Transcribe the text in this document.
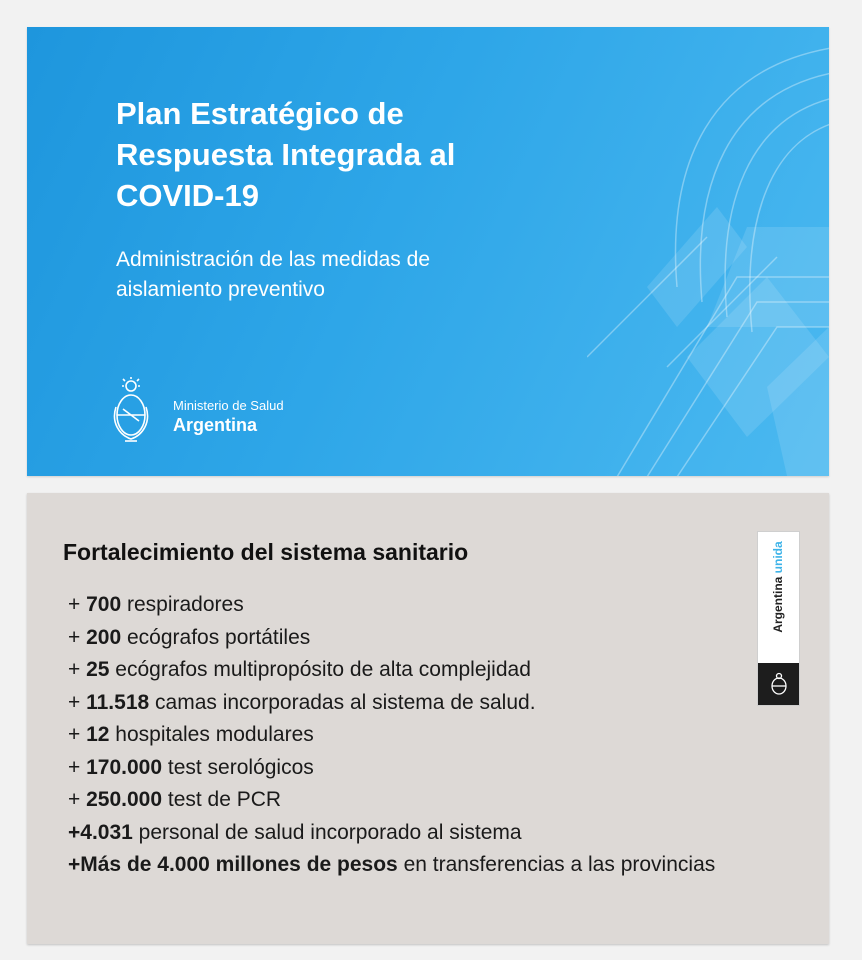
Plan Estratégico de
Respuesta Integrada al
COVID-19

Administración de las medidas de
aislamiento preventivo

Ministerio de Salud
Argentina
Fortalecimiento del sistema sanitario
+ 700 respiradores
+ 200 ecógrafos portátiles
+ 25 ecógrafos multipropósito de alta complejidad
+ 11.518 camas incorporadas al sistema de salud.
+ 12 hospitales modulares
+ 170.000 test serológicos
+ 250.000 test de PCR
+4.031 personal de salud incorporado al sistema
+Más de 4.000 millones de pesos en transferencias a las provincias
Argentina unida
